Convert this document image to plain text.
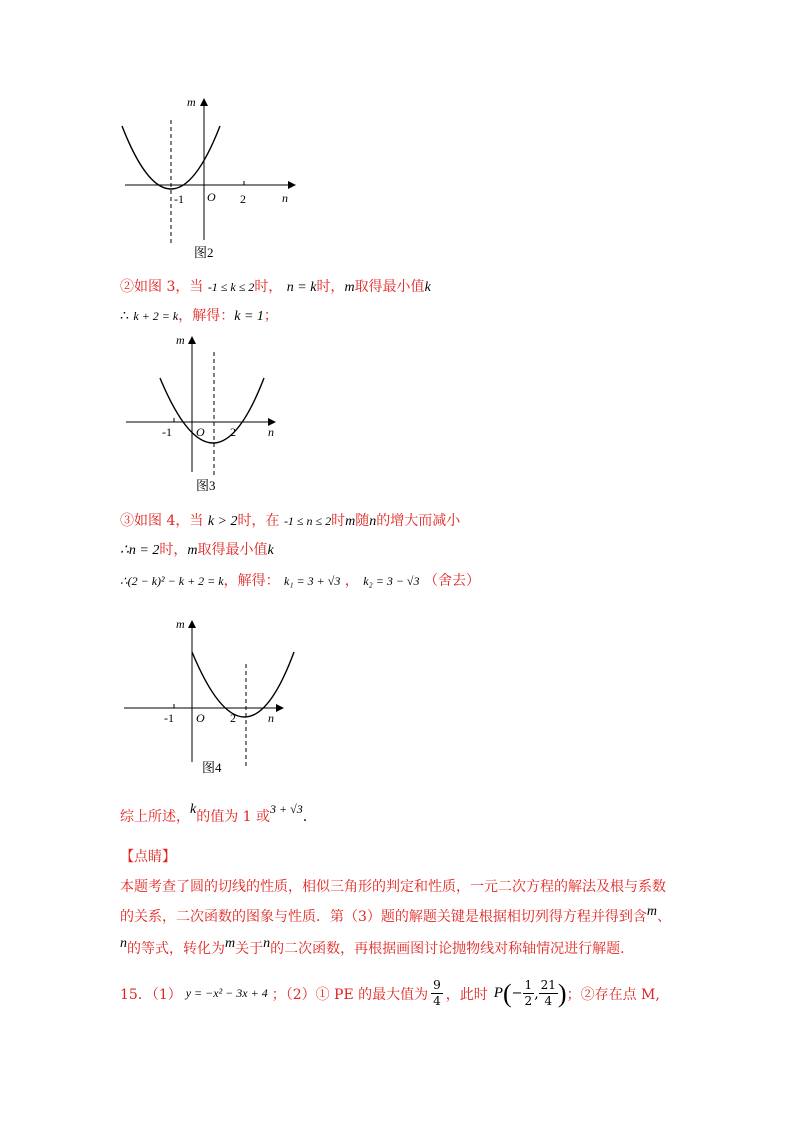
m
n
O
-1	2
图2
②如图 3，当 -1 ≤ k ≤ 2时， n = k时，m取得最小值k
∴ k + 2 = k，解得：k = 1；
m
n
O
-1	2
图3
③如图 4，当 k > 2时，在 -1 ≤ n ≤ 2时m随n的增大而减小
∴n = 2时，m取得最小值k
∴(2 − k)² − k + 2 = k，解得： k₁ = 3 + √3 ， k₂ = 3 − √3 （舍去）
m
n
O
-1	2
图4
综上所述，k的值为 1 或3 + √3.
【点睛】
本题考查了圆的切线的性质，相似三角形的判定和性质，一元二次方程的解法及根与系数
的关系，二次函数的图象与性质．第（3）题的解题关键是根据相切列得方程并得到含m、
n的等式，转化为m关于n的二次函数，再根据画图讨论抛物线对称轴情况进行解题.
15．（1） y = −x² − 3x + 4 ；（2）① PE 的最大值为 $\frac{9}{4}$ ，此时 P ( − $\frac{1}{2}$ , $\frac{21}{4}$ ) ；②存在点 M,
